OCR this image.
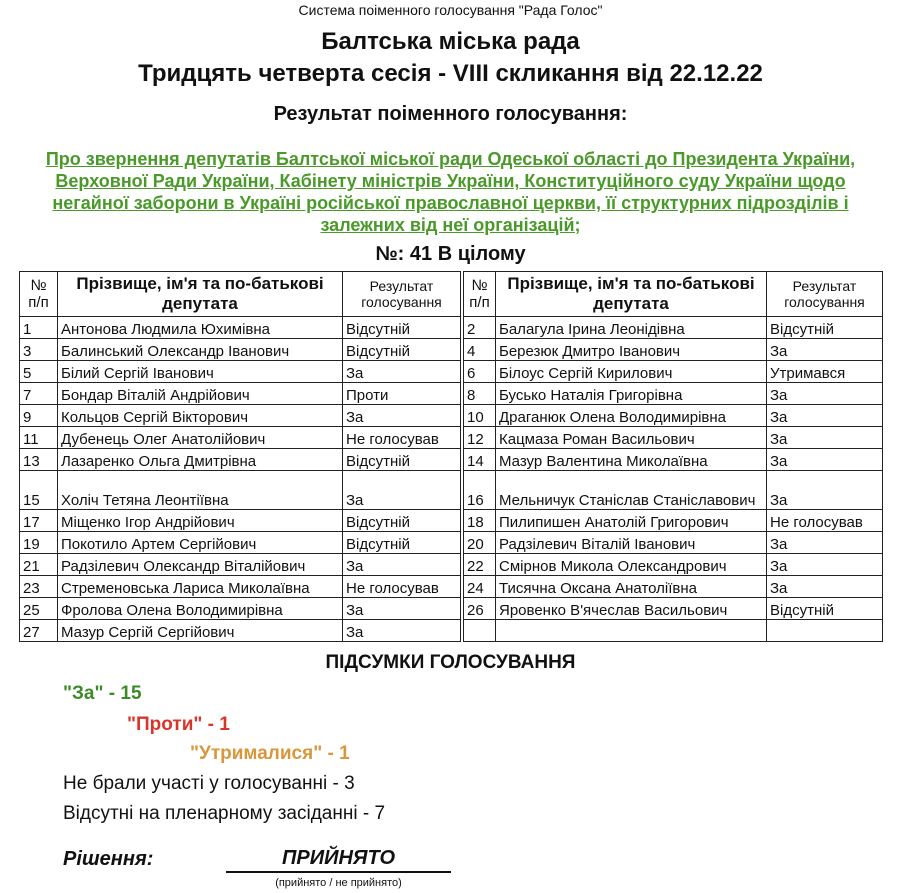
Система поіменного голосування "Рада Голос"
Балтська міська рада
Тридцять четверта сесія - VIII скликання від 22.12.22
Результат поіменного голосування:
Про звернення депутатів Балтської міської ради Одеської області до Президента України, Верховної Ради України, Кабінету міністрів України, Конституційного суду України щодо негайної заборони в Україні російської православної церкви, її структурних підрозділів і залежних від неї організацій;
№: 41 В цілому
№ п/п	Прізвище, ім'я та по-батькові депутата	Результат голосування
1	Антонова Людмила Юхимівна	Відсутній
3	Балинський Олександр Іванович	Відсутній
5	Білий Сергій Іванович	За
7	Бондар Віталій Андрійович	Проти
9	Кольцов Сергій Вікторович	За
11	Дубенець Олег Анатолійович	Не голосував
13	Лазаренко Ольга Дмитрівна	Відсутній
15	Холіч Тетяна Леонтіївна	За
17	Міщенко Ігор Андрійович	Відсутній
19	Покотило Артем Сергійович	Відсутній
21	Радзілевич Олександр Віталійович	За
23	Стременовська Лариса Миколаївна	Не голосував
25	Фролова Олена Володимирівна	За
27	Мазур Сергій Сергійович	За
№ п/п	Прізвище, ім'я та по-батькові депутата	Результат голосування
2	Балагула Ірина Леонідівна	Відсутній
4	Березюк Дмитро Іванович	За
6	Білоус Сергій Кирилович	Утримався
8	Бусько Наталія Григорівна	За
10	Драганюк Олена Володимирівна	За
12	Кацмаза Роман Васильович	За
14	Мазур Валентина Миколаївна	За
16	Мельничук Станіслав Станіславович	За
18	Пилипишен Анатолій Григорович	Не голосував
20	Радзілевич Віталій Іванович	За
22	Смірнов Микола Олександрович	За
24	Тисячна Оксана Анатоліївна	За
26	Яровенко В'ячеслав Васильович	Відсутній

ПІДСУМКИ ГОЛОСУВАННЯ
"За" - 15
"Проти" - 1
"Утрималися" - 1
Не брали участі у голосуванні - 3
Відсутні на пленарному засіданні - 7
Рішення:	ПРИЙНЯТО
(прийнято / не прийнято)
